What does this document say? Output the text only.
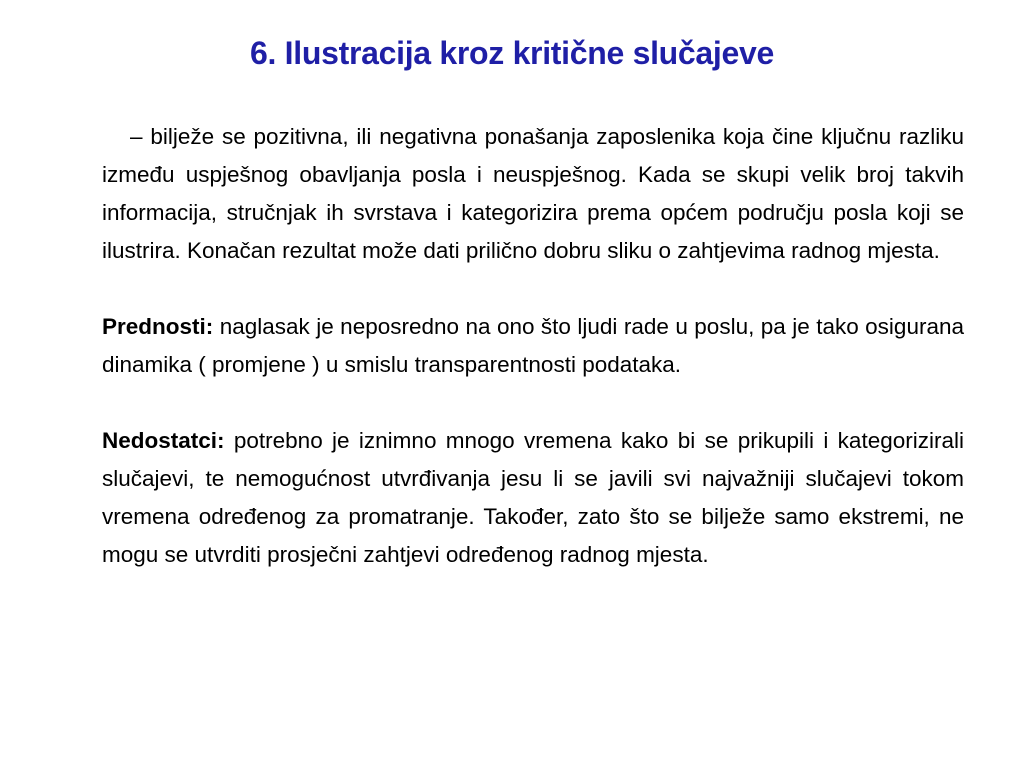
6. Ilustracija kroz kritične slučajeve

– bilježe se pozitivna, ili negativna ponašanja zaposlenika koja čine ključnu razliku između uspješnog obavljanja posla i neuspješnog. Kada se skupi velik broj takvih informacija, stručnjak ih svrstava i kategorizira prema općem području posla koji se ilustrira. Konačan rezultat može dati prilično dobru sliku o zahtjevima radnog mjesta.

Prednosti: naglasak je neposredno na ono što ljudi rade u poslu, pa je tako osigurana dinamika ( promjene ) u smislu transparentnosti podataka.

Nedostatci: potrebno je iznimno mnogo vremena kako bi se prikupili i kategorizirali slučajevi, te nemogućnost utvrđivanja jesu li se javili svi najvažniji slučajevi tokom vremena određenog za promatranje. Također, zato što se bilježe samo ekstremi, ne mogu se utvrditi prosječni zahtjevi određenog radnog mjesta.
